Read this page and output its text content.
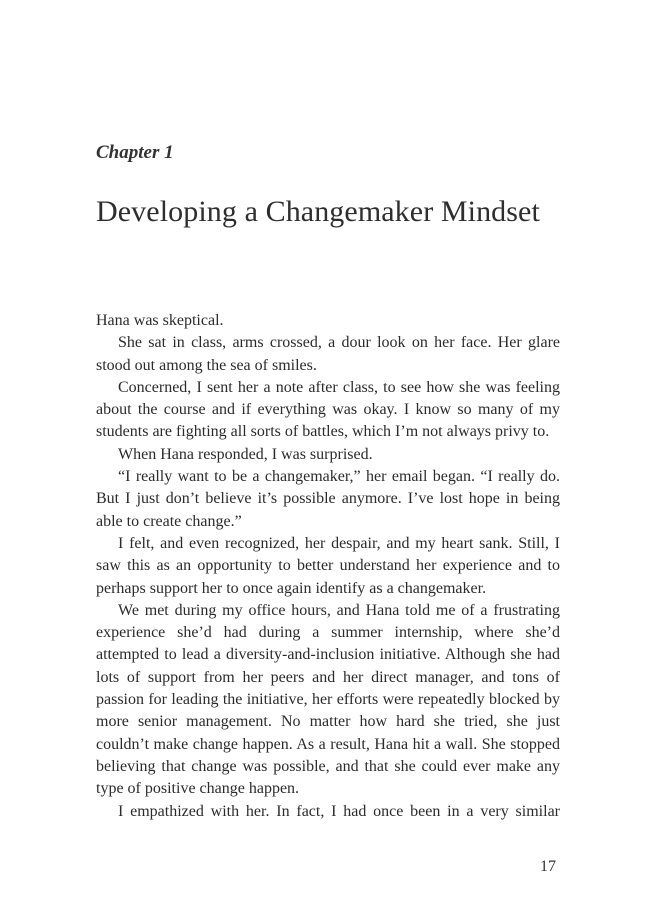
Chapter 1
Developing a Changemaker Mindset

Hana was skeptical.

She sat in class, arms crossed, a dour look on her face. Her glare stood out among the sea of smiles.

Concerned, I sent her a note after class, to see how she was feeling about the course and if everything was okay. I know so many of my students are fighting all sorts of battles, which I’m not always privy to.

When Hana responded, I was surprised.

“I really want to be a changemaker,” her email began. “I really do. But I just don’t believe it’s possible anymore. I’ve lost hope in being able to create change.”

I felt, and even recognized, her despair, and my heart sank. Still, I saw this as an opportunity to better understand her experience and to perhaps support her to once again identify as a changemaker.

We met during my office hours, and Hana told me of a frustrating experience she’d had during a summer internship, where she’d attempted to lead a diversity-and-inclusion initiative. Although she had lots of support from her peers and her direct manager, and tons of passion for leading the initiative, her efforts were repeatedly blocked by more senior management. No matter how hard she tried, she just couldn’t make change happen. As a result, Hana hit a wall. She stopped believing that change was possible, and that she could ever make any type of positive change happen.

I empathized with her. In fact, I had once been in a very similar

17
